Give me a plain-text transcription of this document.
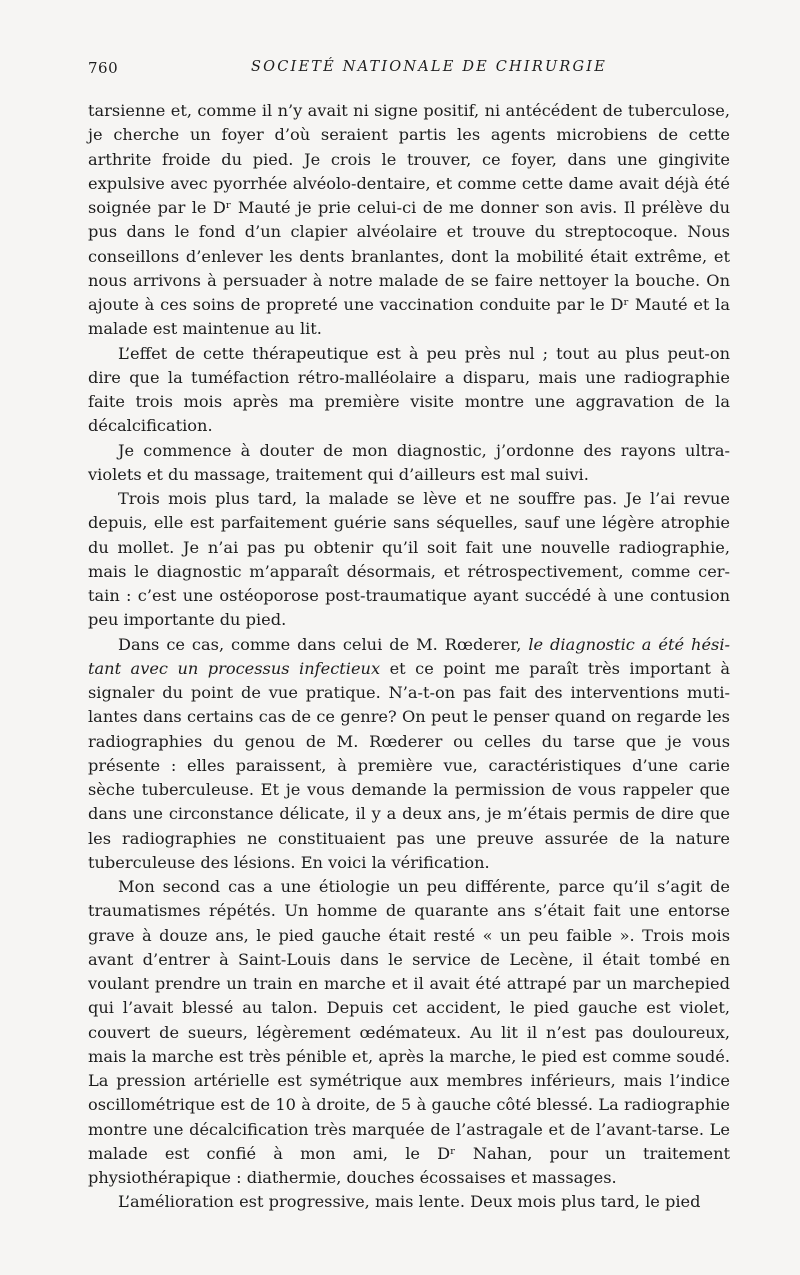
760	SOCIETÉ NATIONALE DE CHIRURGIE

tarsienne et, comme il n’y avait ni signe positif, ni antécédent de tuberculose, je cherche un foyer d’où seraient partis les agents microbiens de cette arthrite froide du pied. Je crois le trouver, ce foyer, dans une gingivite expulsive avec pyorrhée alvéolo-dentaire, et comme cette dame avait déjà été soignée par le Dʳ Mauté je prie celui-ci de me donner son avis. Il prélève du pus dans le fond d’un clapier alvéolaire et trouve du streptocoque. Nous conseillons d’enlever les dents branlantes, dont la mobilité était extrême, et nous arrivons à persuader à notre malade de se faire nettoyer la bouche. On ajoute à ces soins de propreté une vaccination conduite par le Dʳ Mauté et la malade est maintenue au lit.

L’effet de cette thérapeutique est à peu près nul ; tout au plus peut-on dire que la tuméfaction rétro-malléolaire a disparu, mais une radiographie faite trois mois après ma première visite montre une aggravation de la décalcification.

Je commence à douter de mon diagnostic, j’ordonne des rayons ultraviolets et du massage, traitement qui d’ailleurs est mal suivi.

Trois mois plus tard, la malade se lève et ne souffre pas. Je l’ai revue depuis, elle est parfaitement guérie sans séquelles, sauf une légère atrophie du mollet. Je n’ai pas pu obtenir qu’il soit fait une nouvelle radiographie, mais le diagnostic m’apparaît désormais, et rétrospectivement, comme certain : c’est une ostéoporose post-traumatique ayant succédé à une contusion peu importante du pied.

Dans ce cas, comme dans celui de M. Rœderer, le diagnostic a été hésitant avec un processus infectieux et ce point me paraît très important à signaler du point de vue pratique. N’a-t-on pas fait des interventions mutilantes dans certains cas de ce genre? On peut le penser quand on regarde les radiographies du genou de M. Rœderer ou celles du tarse que je vous présente : elles paraissent, à première vue, caractéristiques d’une carie sèche tuberculeuse. Et je vous demande la permission de vous rappeler que dans une circonstance délicate, il y a deux ans, je m’étais permis de dire que les radiographies ne constituaient pas une preuve assurée de la nature tuberculeuse des lésions. En voici la vérification.

Mon second cas a une étiologie un peu différente, parce qu’il s’agit de traumatismes répétés. Un homme de quarante ans s’était fait une entorse grave à douze ans, le pied gauche était resté « un peu faible ». Trois mois avant d’entrer à Saint-Louis dans le service de Lecène, il était tombé en voulant prendre un train en marche et il avait été attrapé par un marchepied qui l’avait blessé au talon. Depuis cet accident, le pied gauche est violet, couvert de sueurs, légèrement œdémateux. Au lit il n’est pas douloureux, mais la marche est très pénible et, après la marche, le pied est comme soudé. La pression artérielle est symétrique aux membres inférieurs, mais l’indice oscillométrique est de 10 à droite, de 5 à gauche côté blessé. La radiographie montre une décalcification très marquée de l’astragale et de l’avant-tarse. Le malade est confié à mon ami, le Dʳ Nahan, pour un traitement physiothérapique : diathermie, douches écossaises et massages.

L’amélioration est progressive, mais lente. Deux mois plus tard, le pied
